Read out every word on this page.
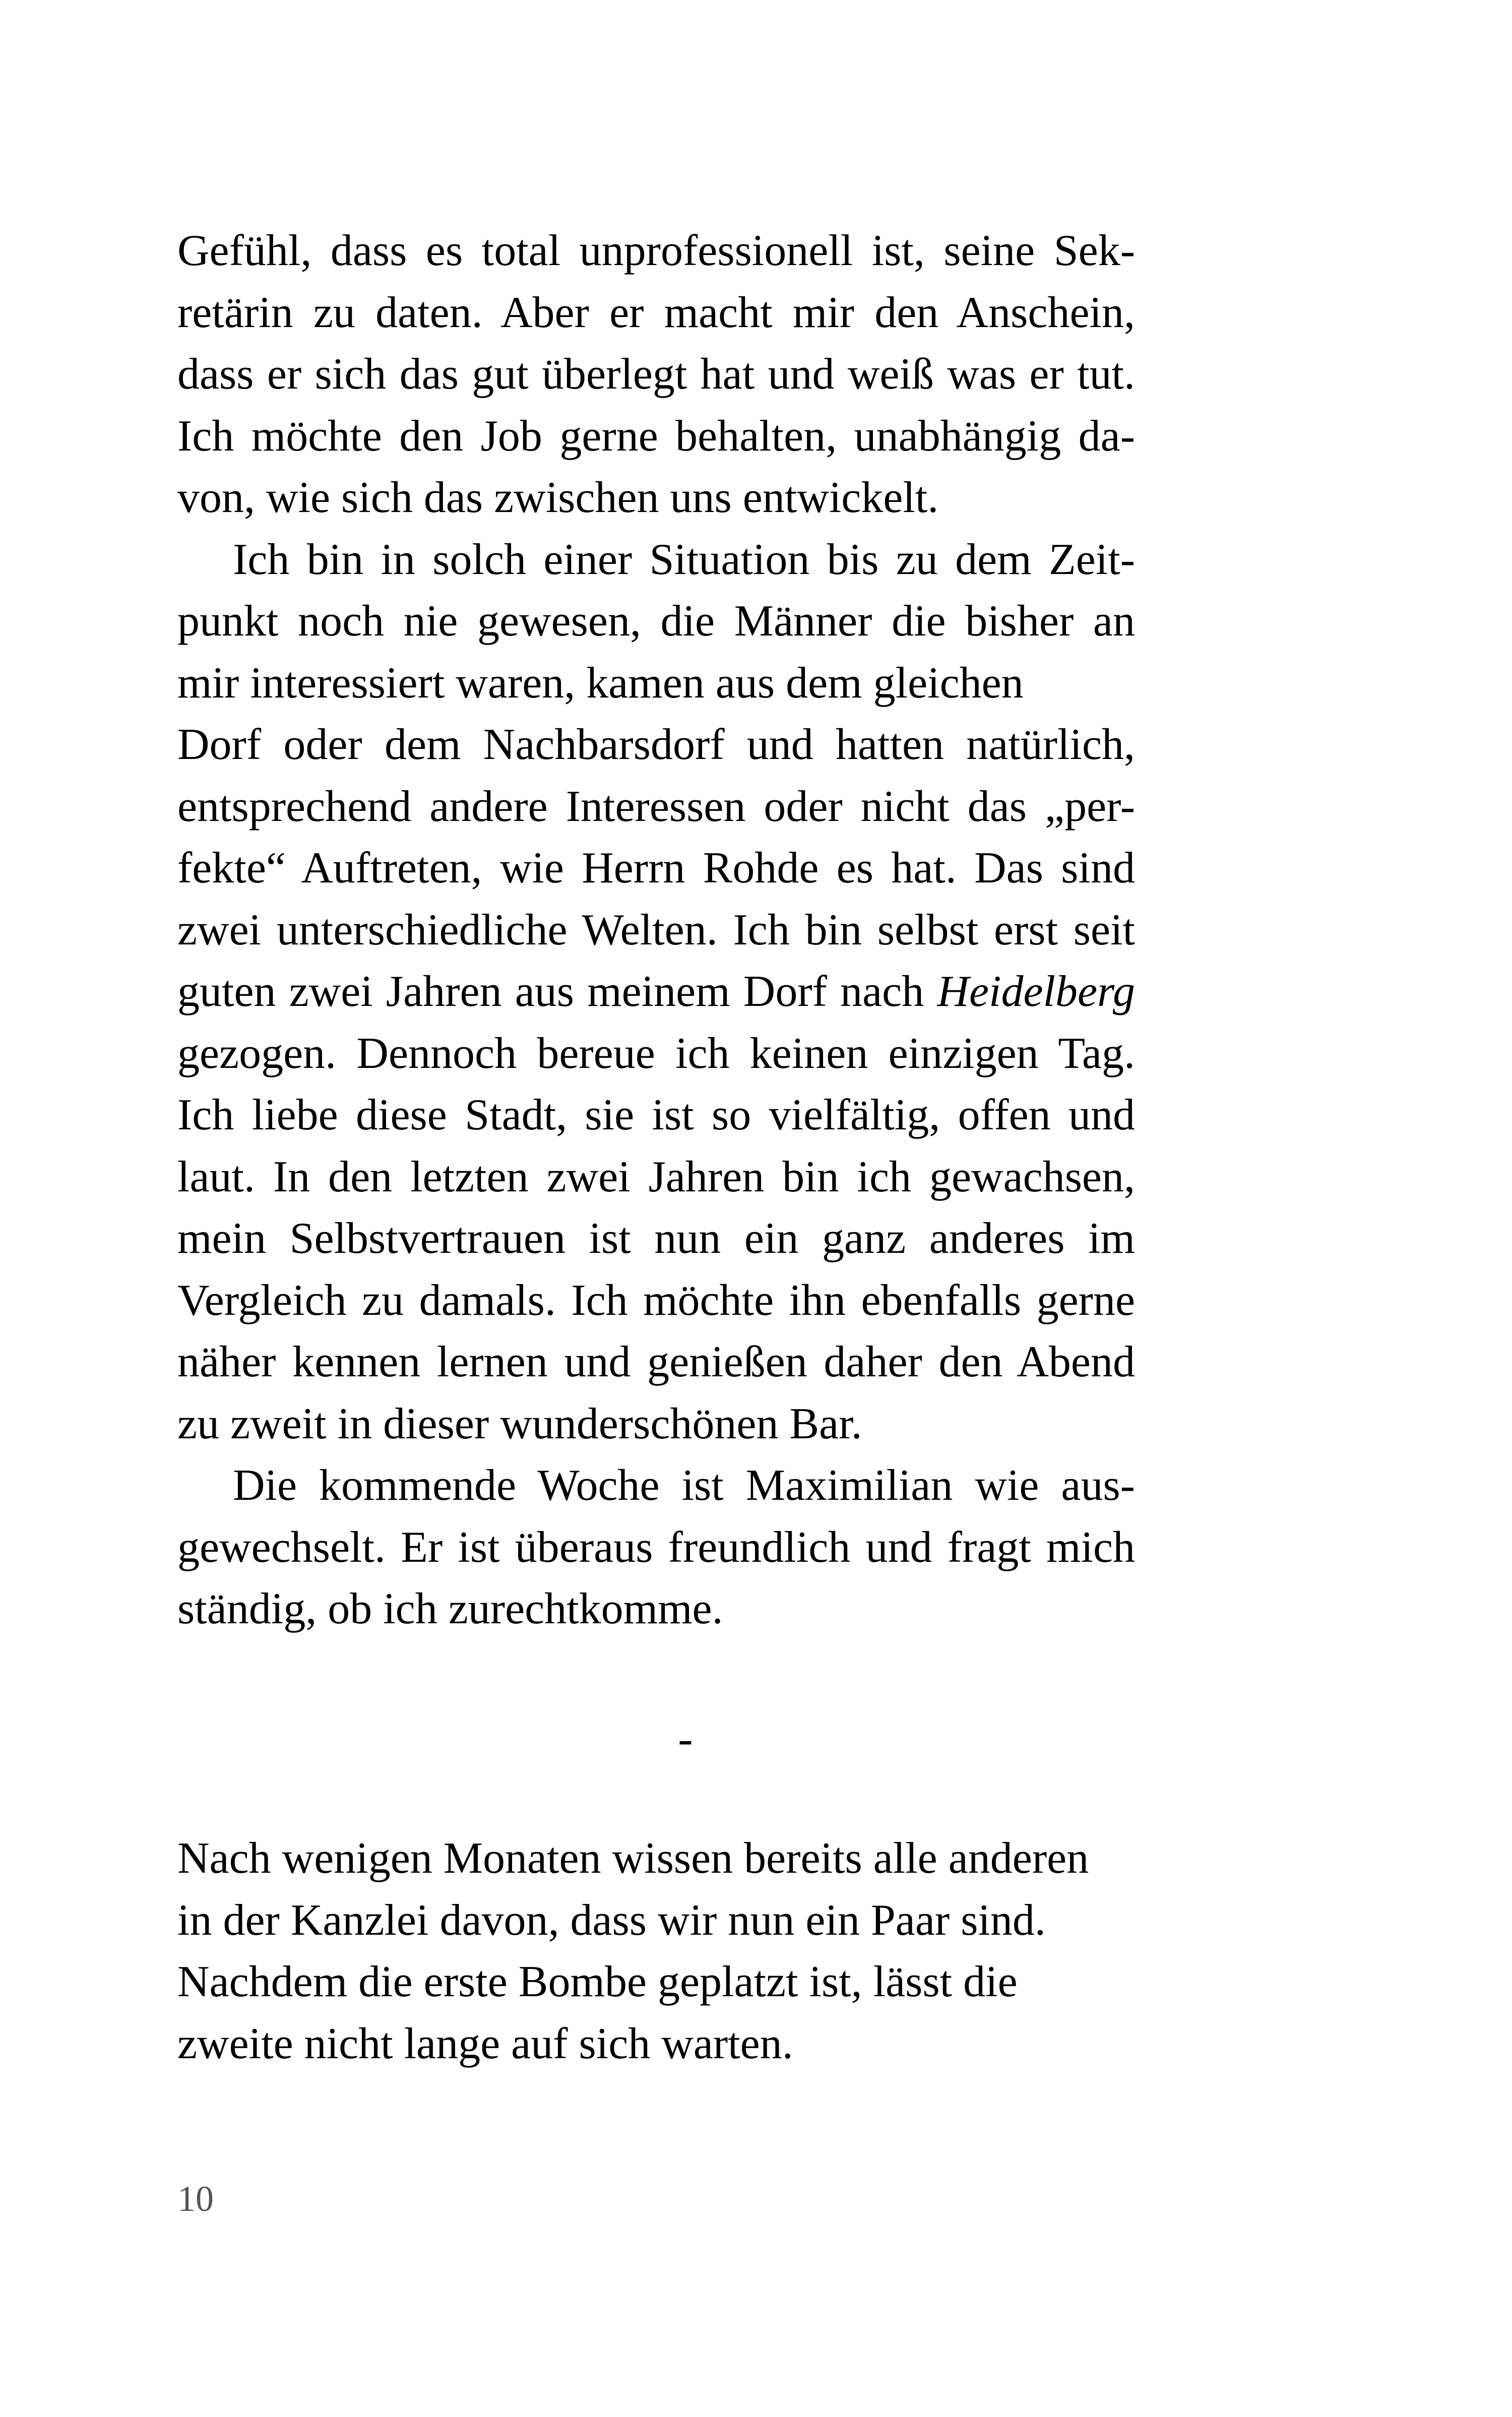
Gefühl, dass es total unprofessionell ist, seine Sek-
retärin zu daten. Aber er macht mir den Anschein,
dass er sich das gut überlegt hat und weiß was er tut.
Ich möchte den Job gerne behalten, unabhängig da-
von, wie sich das zwischen uns entwickelt.
Ich bin in solch einer Situation bis zu dem Zeit-
punkt noch nie gewesen, die Männer die bisher an
mir interessiert waren, kamen aus dem gleichen
Dorf oder dem Nachbarsdorf und hatten natürlich,
entsprechend andere Interessen oder nicht das „per-
fekte“ Auftreten, wie Herrn Rohde es hat. Das sind
zwei unterschiedliche Welten. Ich bin selbst erst seit
guten zwei Jahren aus meinem Dorf nach Heidelberg
gezogen. Dennoch bereue ich keinen einzigen Tag.
Ich liebe diese Stadt, sie ist so vielfältig, offen und
laut. In den letzten zwei Jahren bin ich gewachsen,
mein Selbstvertrauen ist nun ein ganz anderes im
Vergleich zu damals. Ich möchte ihn ebenfalls gerne
näher kennen lernen und genießen daher den Abend
zu zweit in dieser wunderschönen Bar.
Die kommende Woche ist Maximilian wie aus-
gewechselt. Er ist überaus freundlich und fragt mich
ständig, ob ich zurechtkomme.
-
Nach wenigen Monaten wissen bereits alle anderen
in der Kanzlei davon, dass wir nun ein Paar sind.
Nachdem die erste Bombe geplatzt ist, lässt die
zweite nicht lange auf sich warten.
10
